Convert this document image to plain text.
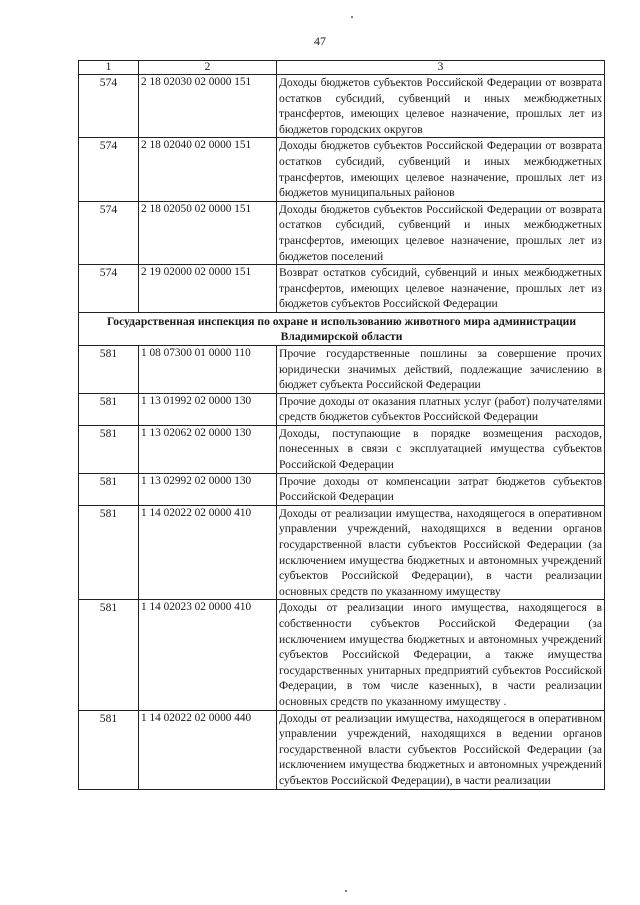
47
1	2	3
574	2 18 02030 02 0000 151	Доходы бюджетов субъектов Российской Федерации от возврата остатков субсидий, субвенций и иных межбюджетных трансфертов, имеющих целевое назначение, прошлых лет из бюджетов городских округов
574	2 18 02040 02 0000 151	Доходы бюджетов субъектов Российской Федерации от возврата остатков субсидий, субвенций и иных межбюджетных трансфертов, имеющих целевое назначение, прошлых лет из бюджетов муниципальных районов
574	2 18 02050 02 0000 151	Доходы бюджетов субъектов Российской Федерации от возврата остатков субсидий, субвенций и иных межбюджетных трансфертов, имеющих целевое назначение, прошлых лет из бюджетов поселений
574	2 19 02000 02 0000 151	Возврат остатков субсидий, субвенций и иных межбюджетных трансфертов, имеющих целевое назначение, прошлых лет из бюджетов субъектов Российской Федерации
Государственная инспекция по охране и использованию животного мира администрации Владимирской области		
581	1 08 07300 01 0000 110	Прочие государственные пошлины за совершение прочих юридически значимых действий, подлежащие зачислению в бюджет субъекта Российской Федерации
581	1 13 01992 02 0000 130	Прочие доходы от оказания платных услуг (работ) получателями средств бюджетов субъектов Российской Федерации
581	1 13 02062 02 0000 130	Доходы, поступающие в порядке возмещения расходов, понесенных в связи с эксплуатацией имущества субъектов Российской Федерации
581	1 13 02992 02 0000 130	Прочие доходы от компенсации затрат бюджетов субъектов Российской Федерации
581	1 14 02022 02 0000 410	Доходы от реализации имущества, находящегося в оперативном управлении учреждений, находящихся в ведении органов государственной власти субъектов Российской Федерации (за исключением имущества бюджетных и автономных учреждений субъектов Российской Федерации), в части реализации основных средств по указанному имуществу
581	1 14 02023 02 0000 410	Доходы от реализации иного имущества, находящегося в собственности субъектов Российской Федерации (за исключением имущества бюджетных и автономных учреждений субъектов Российской Федерации, а также имущества государственных унитарных предприятий субъектов Российской Федерации, в том числе казенных), в части реализации основных средств по указанному имуществу .
581	1 14 02022 02 0000 440	Доходы от реализации имущества, находящегося в оперативном управлении учреждений, находящихся в ведении органов государственной власти субъектов Российской Федерации (за исключением имущества бюджетных и автономных учреждений субъектов Российской Федерации), в части реализации
